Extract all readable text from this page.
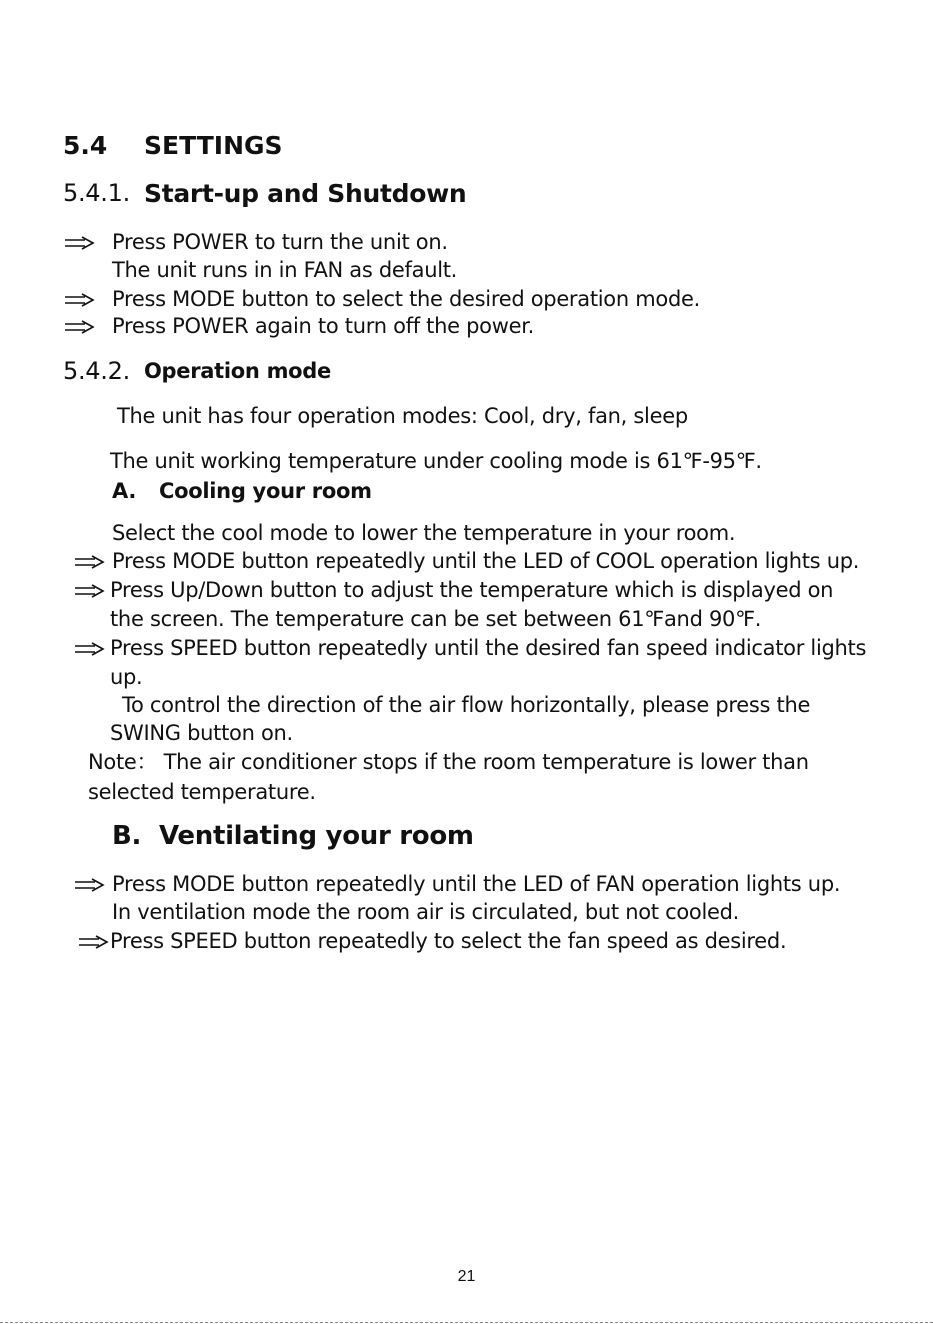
5.4 SETTINGS
5.4.1. Start-up and Shutdown
Press POWER to turn the unit on.
The unit runs in in FAN as default.
Press MODE button to select the desired operation mode.
Press POWER again to turn off the power.
5.4.2. Operation mode
The unit has four operation modes: Cool, dry, fan, sleep
The unit working temperature under cooling mode is 61℉-95℉.
A. Cooling your room
Select the cool mode to lower the temperature in your room.
Press MODE button repeatedly until the LED of COOL operation lights up.
Press Up/Down button to adjust the temperature which is displayed on
the screen. The temperature can be set between 61℉and 90℉.
Press SPEED button repeatedly until the desired fan speed indicator lights
up.
To control the direction of the air flow horizontally, please press the
SWING button on.
Note： The air conditioner stops if the room temperature is lower than
selected temperature.
B. Ventilating your room
Press MODE button repeatedly until the LED of FAN operation lights up.
In ventilation mode the room air is circulated, but not cooled.
Press SPEED button repeatedly to select the fan speed as desired.
21
